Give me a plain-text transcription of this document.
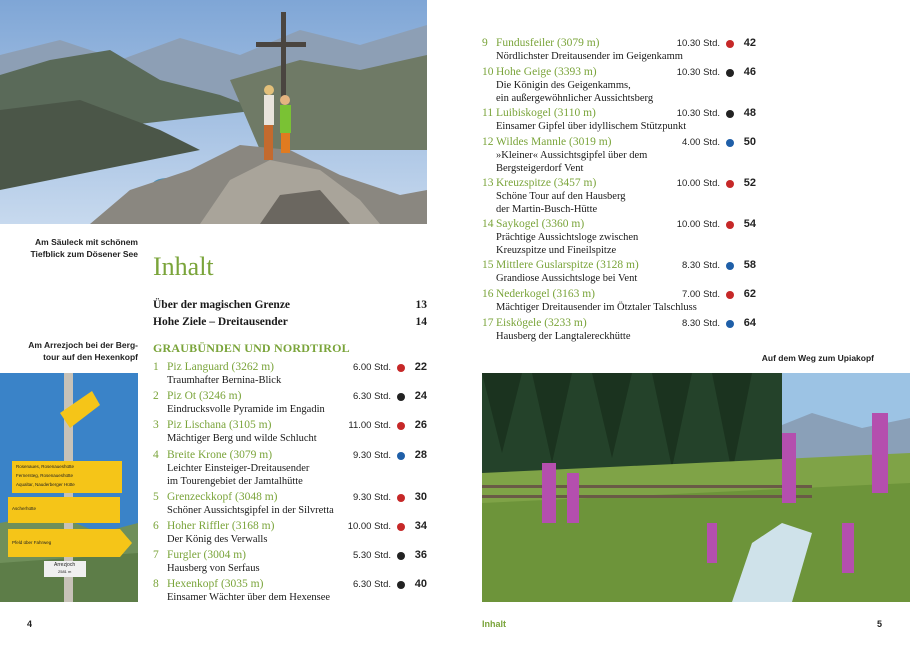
Rosenaues, Rosenaueshütte
Fernersteg, Rosenaueshütte
Aqualtar, Nauderberger Hütte
Ascherhütte
Pfeld über Fahrweg
Arrezjoch
2581 m
Am Säuleck mit schönem
Tiefblick zum Dösener See
Am Arrezjoch bei der Berg-
tour auf den Hexenkopf	Auf dem Weg zum Upiakopf
Inhalt
Über der magischen Grenze	13
Hohe Ziele – Dreitausender	14
GRAUBÜNDEN UND NORDTIROL
1 Piz Languard (3262 m)	6.00 Std. 22
Traumhafter Bernina-Blick
2 Piz Ot (3246 m)	6.30 Std. 24
Eindrucksvolle Pyramide im Engadin
3 Piz Lischana (3105 m)	11.00 Std. 26
Mächtiger Berg und wilde Schlucht
4 Breite Krone (3079 m)	9.30 Std. 28
Leichter Einsteiger-Dreitausender
im Tourengebiet der Jamtalhütte
5 Grenzeckkopf (3048 m)	9.30 Std. 30
Schöner Aussichtsgipfel in der Silvretta
6 Hoher Riffler (3168 m)	10.00 Std. 34
Der König des Verwalls
7 Furgler (3004 m)	5.30 Std. 36
Hausberg von Serfaus
8 Hexenkopf (3035 m)	6.30 Std. 40
Einsamer Wächter über dem Hexensee
9 Fundusfeiler (3079 m)	10.30 Std. 42
Nördlichster Dreitausender im Geigenkamm
10 Hohe Geige (3393 m)	10.30 Std. 46
Die Königin des Geigenkamms,
ein außergewöhnlicher Aussichtsberg
11 Luibiskogel (3110 m)	10.30 Std. 48
Einsamer Gipfel über idyllischem Stützpunkt
12 Wildes Mannle (3019 m)	4.00 Std. 50
»Kleiner« Aussichtsgipfel über dem
Bergsteigerdorf Vent
13 Kreuzspitze (3457 m)	10.00 Std. 52
Schöne Tour auf den Hausberg
der Martin-Busch-Hütte
14 Saykogel (3360 m)	10.00 Std. 54
Prächtige Aussichtsloge zwischen
Kreuzspitze und Fineilspitze
15 Mittlere Guslarspitze (3128 m)	8.30 Std. 58
Grandiose Aussichtsloge bei Vent
16 Nederkogel (3163 m)	7.00 Std. 62
Mächtiger Dreitausender im Ötztaler Talschluss
17 Eiskögele (3233 m)	8.30 Std. 64
Hausberg der Langtalereckhütte
4	Inhalt	5
